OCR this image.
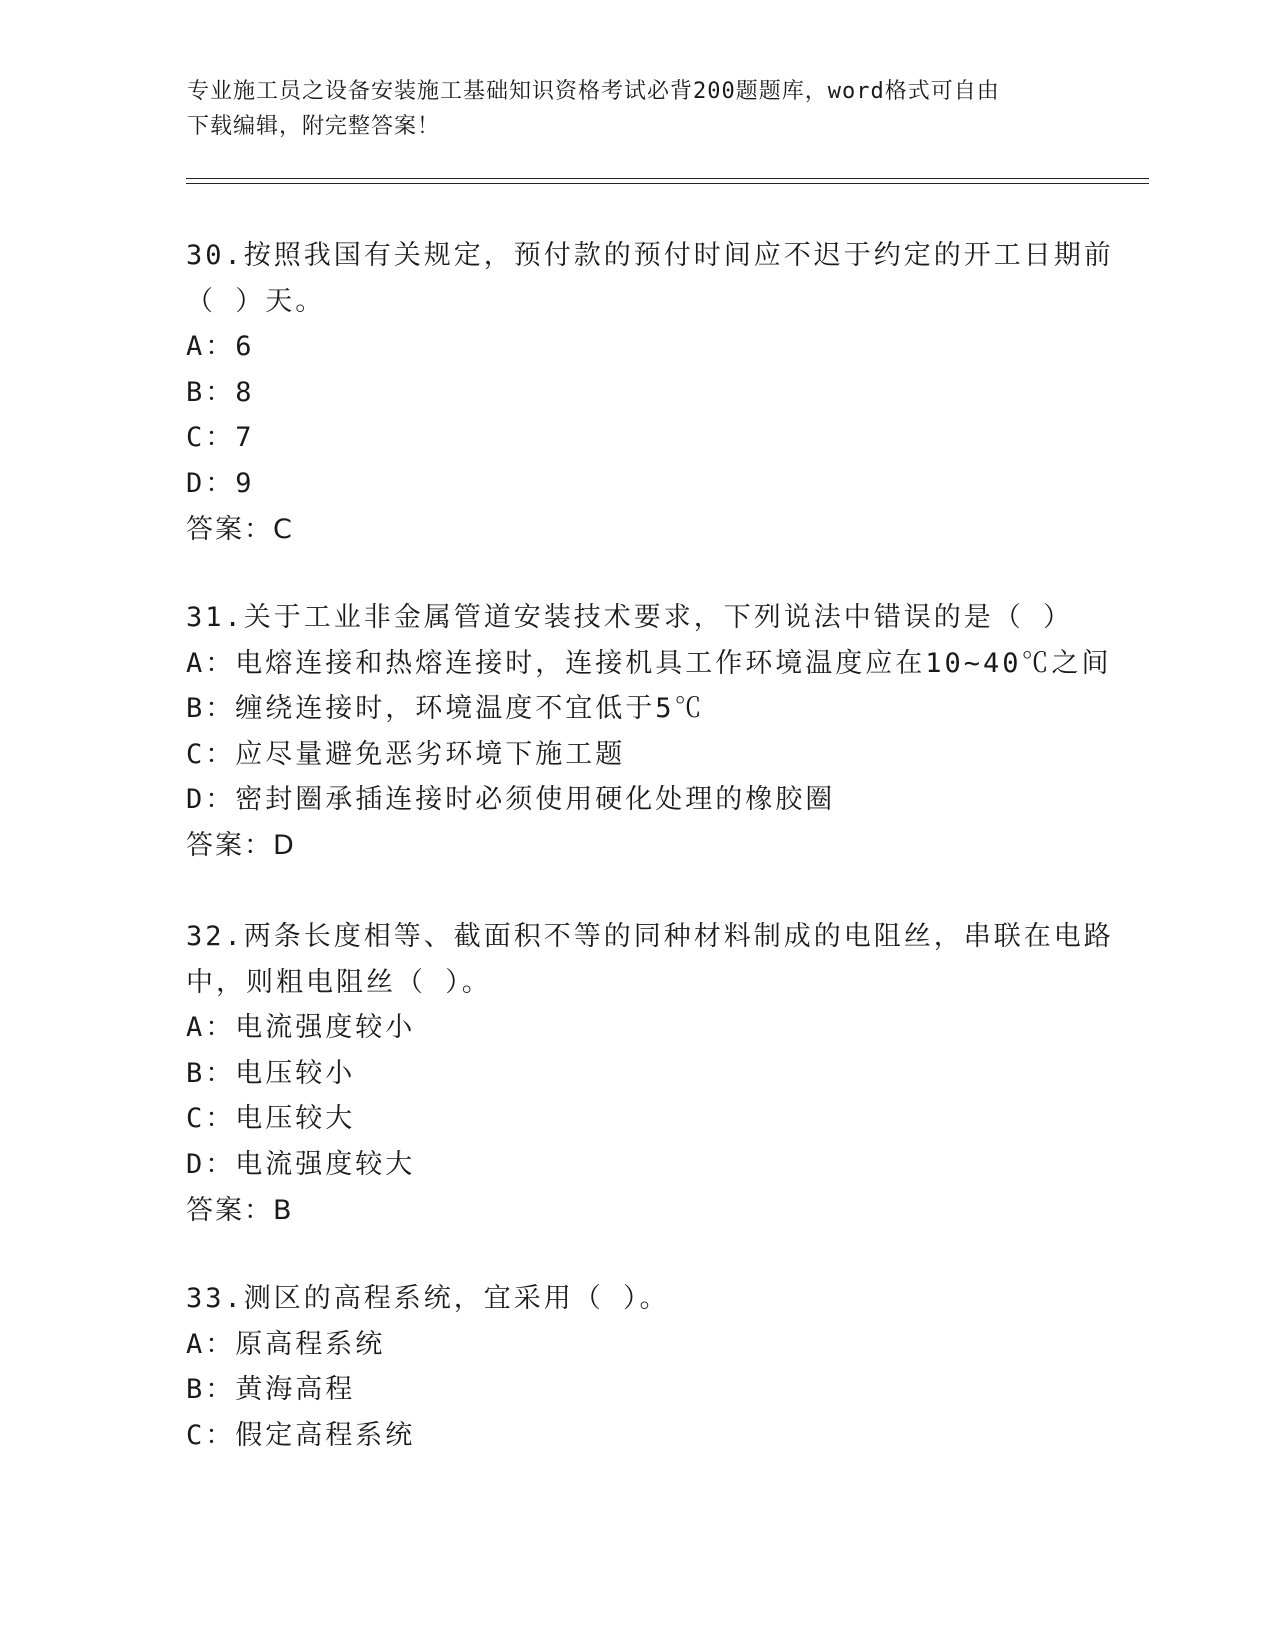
专业施工员之设备安装施工基础知识资格考试必背200题题库，word格式可自由
下载编辑，附完整答案！
30.按照我国有关规定，预付款的预付时间应不迟于约定的开工日期前
（ ）天。
A：6
B：8
C：7
D：9
答案：C
31.关于工业非金属管道安装技术要求，下列说法中错误的是（ ）
A：电熔连接和热熔连接时，连接机具工作环境温度应在10~40℃之间
B：缠绕连接时，环境温度不宜低于5℃
C：应尽量避免恶劣环境下施工题
D：密封圈承插连接时必须使用硬化处理的橡胶圈
答案：D
32.两条长度相等、截面积不等的同种材料制成的电阻丝，串联在电路
中，则粗电阻丝（ ）。
A：电流强度较小
B：电压较小
C：电压较大
D：电流强度较大
答案：B
33.测区的高程系统，宜采用（ ）。
A：原高程系统
B：黄海高程
C：假定高程系统
